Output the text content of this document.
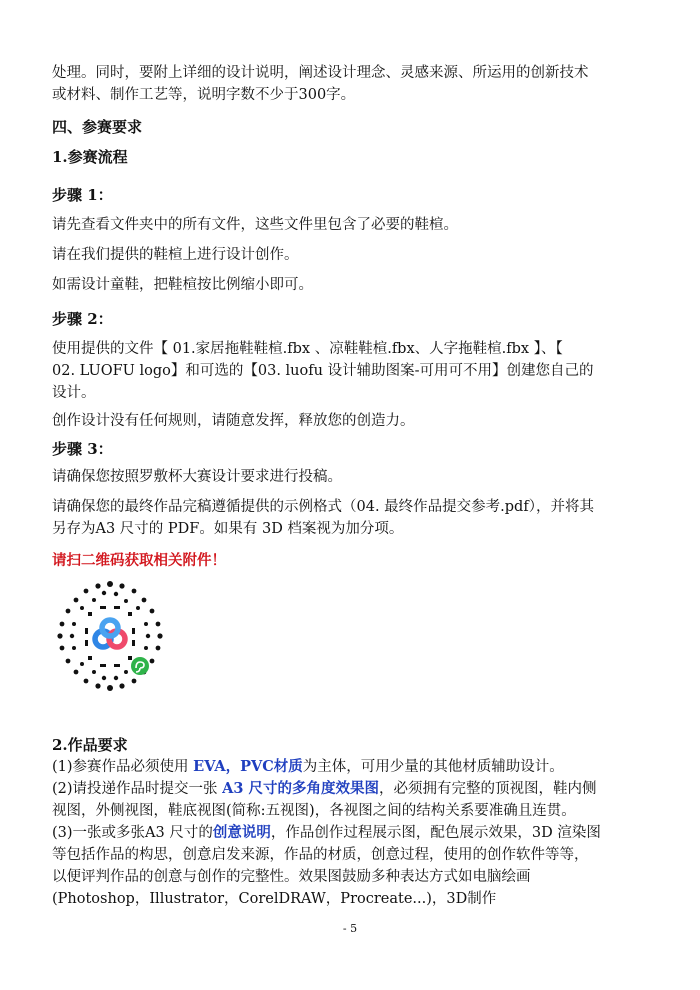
处理。同时，要附上详细的设计说明，阐述设计理念、灵感来源、所运用的创新技术

或材料、制作工艺等，说明字数不少于300字。

四、参赛要求

1.参赛流程

步骤 1：

请先查看文件夹中的所有文件，这些文件里包含了必要的鞋楦。

请在我们提供的鞋楦上进行设计创作。

如需设计童鞋，把鞋楦按比例缩小即可。

步骤 2：

使用提供的文件【 01.家居拖鞋鞋楦.fbx 、凉鞋鞋楦.fbx、人字拖鞋楦.fbx 】、【

02. LUOFU logo】和可选的【03. luofu 设计辅助图案-可用可不用】创建您自己的

设计。

创作设计没有任何规则，请随意发挥，释放您的创造力。

步骤 3：

请确保您按照罗敷杯大赛设计要求进行投稿。

请确保您的最终作品完稿遵循提供的示例格式（04. 最终作品提交参考.pdf），并将其

另存为A3 尺寸的 PDF。如果有 3D 档案视为加分项。

请扫二维码获取相关附件！

2.作品要求

(1)参赛作品必须使用 EVA，PVC材质为主体，可用少量的其他材质辅助设计。

(2)请投递作品时提交一张 A3 尺寸的多角度效果图，必须拥有完整的顶视图，鞋内侧

视图，外侧视图，鞋底视图(简称:五视图)，各视图之间的结构关系要准确且连贯。

(3)一张或多张A3 尺寸的创意说明，作品创作过程展示图，配色展示效果，3D 渲染图

等包括作品的构思，创意启发来源，作品的材质，创意过程，使用的创作软件等等，

以便评判作品的创意与创作的完整性。效果图鼓励多种表达方式如电脑绘画

(Photoshop，Illustrator，CorelDRAW，Procreate...)，3D制作

- 5
